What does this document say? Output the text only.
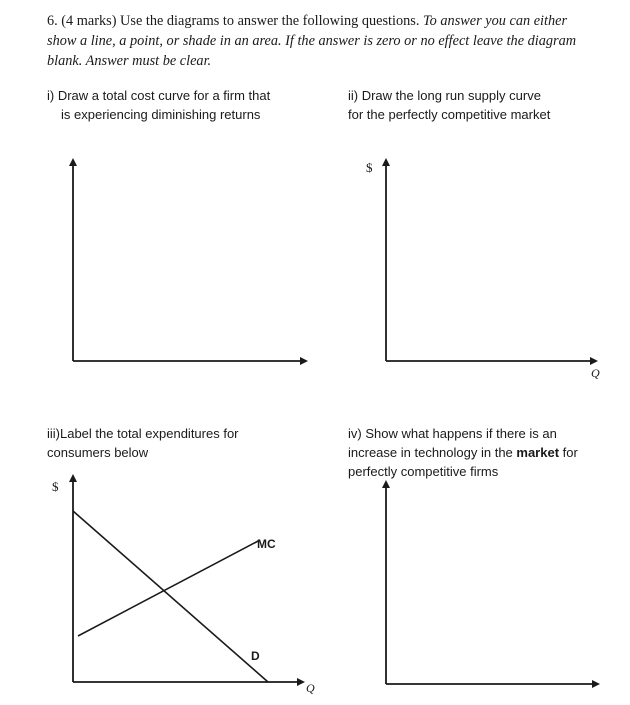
6. (4 marks) Use the diagrams to answer the following questions. To answer you can either
show a line, a point, or shade in an area. If the answer is zero or no effect leave the diagram
blank. Answer must be clear.
i) Draw a total cost curve for a firm that
is experiencing diminishing returns
ii) Draw the long run supply curve
for the perfectly competitive market
iii)Label the total expenditures for
consumers below
iv) Show what happens if there is an
increase in technology in the market for
perfectly competitive firms
$
Q
$
Q
MC
D
